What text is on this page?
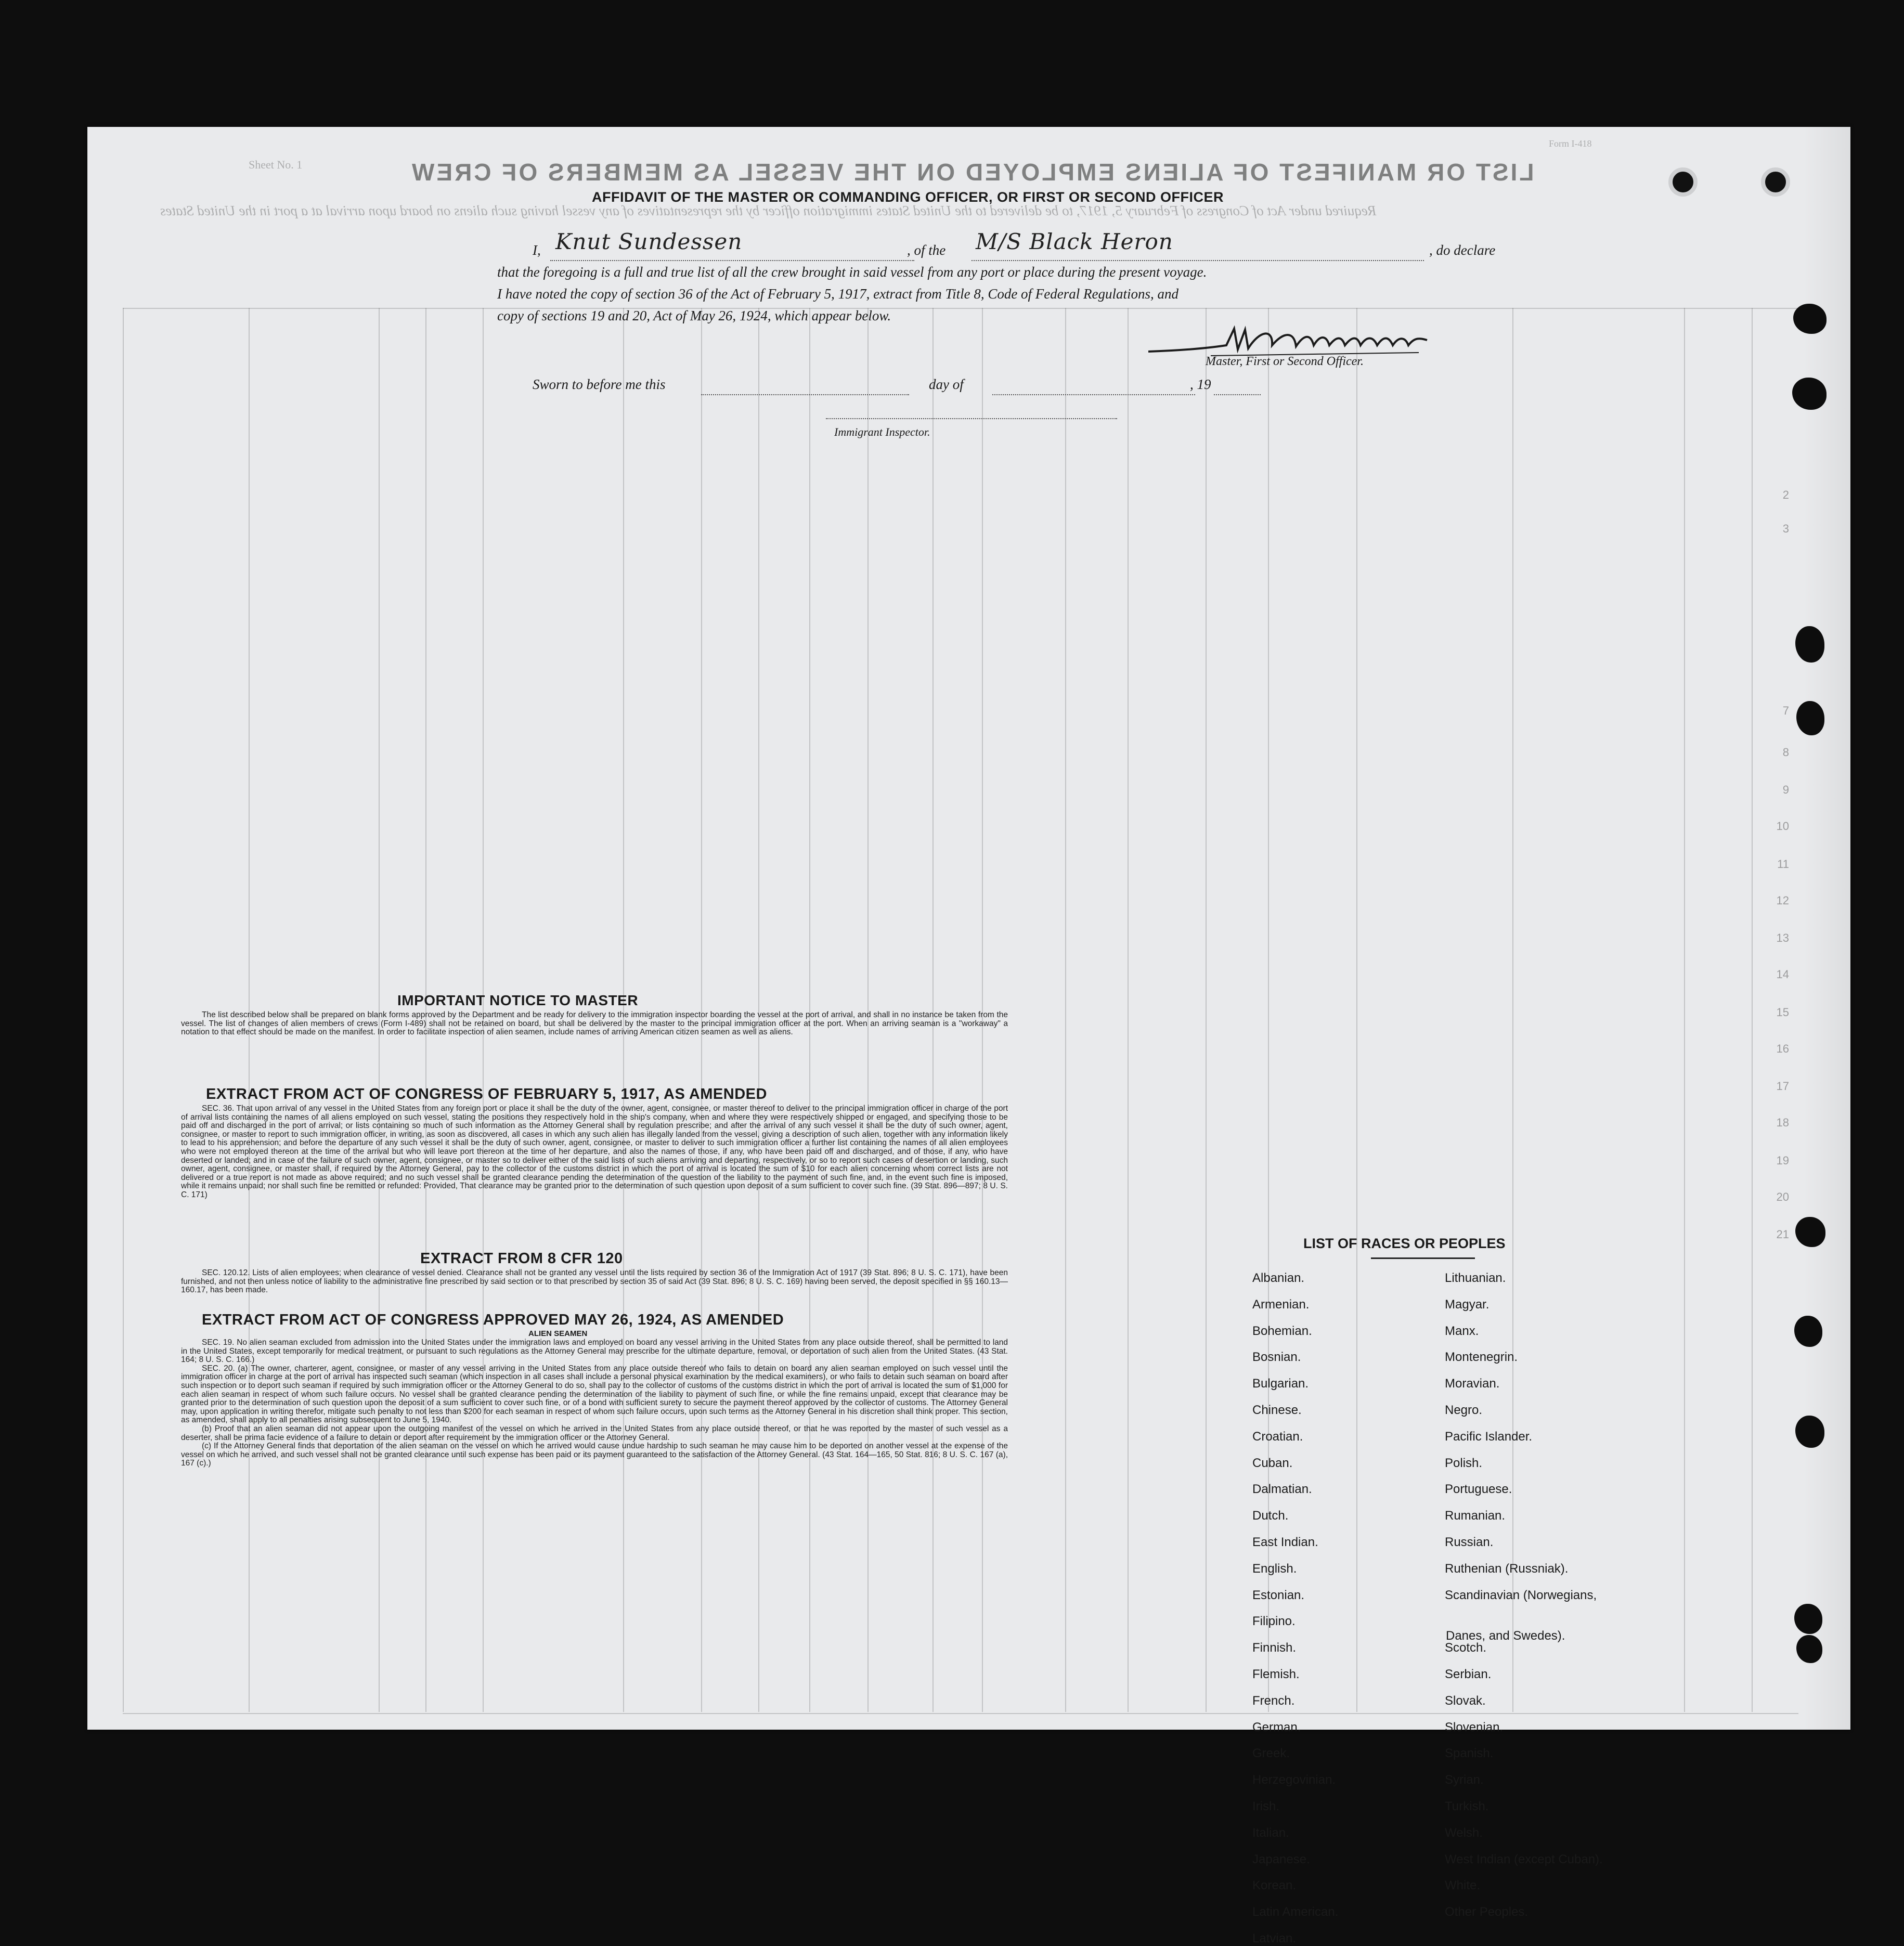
2
3
7
8
9
10
11
12
13
14
15
16
17
18
19
20
21
LIST OR MANIFEST OF ALIENS EMPLOYED ON THE VESSEL AS MEMBERS OF CREW
Required under Act of Congress of February 5, 1917, to be delivered to the United States immigration officer by the representatives of any vessel having such aliens on board upon arrival at a port in the United States
Sheet No. 1
Form I-418
AFFIDAVIT OF THE MASTER OR COMMANDING OFFICER, OR FIRST OR SECOND OFFICER
I, Knut Sundessen	, of the M/S Black Heron	, do declare
that the foregoing is a full and true list of all the crew brought in said vessel from any port or place during the present voyage.
I have noted the copy of section 36 of the Act of February 5, 1917, extract from Title 8, Code of Federal Regulations, and
copy of sections 19 and 20, Act of May 26, 1924, which appear below.
Master, First or Second Officer.
Sworn to before me this	day of	, 19
Immigrant Inspector.
IMPORTANT NOTICE TO MASTER

The list described below shall be prepared on blank forms approved by the Department and be ready for delivery to the immigration inspector boarding the vessel at the port of arrival, and shall in no instance be taken from the vessel. The list of changes of alien members of crews (Form I-489) shall not be retained on board, but shall be delivered by the master to the principal immigration officer at the port. When an arriving seaman is a "workaway" a notation to that effect should be made on the manifest. In order to facilitate inspection of alien seamen, include names of arriving American citizen seamen as well as aliens.

EXTRACT FROM ACT OF CONGRESS OF FEBRUARY 5, 1917, AS AMENDED

SEC. 36. That upon arrival of any vessel in the United States from any foreign port or place it shall be the duty of the owner, agent, consignee, or master thereof to deliver to the principal immigration officer in charge of the port of arrival lists containing the names of all aliens employed on such vessel, stating the positions they respectively hold in the ship's company, when and where they were respectively shipped or engaged, and specifying those to be paid off and discharged in the port of arrival; or lists containing so much of such information as the Attorney General shall by regulation prescribe; and after the arrival of any such vessel it shall be the duty of such owner, agent, consignee, or master to report to such immigration officer, in writing, as soon as discovered, all cases in which any such alien has illegally landed from the vessel, giving a description of such alien, together with any information likely to lead to his apprehension; and before the departure of any such vessel it shall be the duty of such owner, agent, consignee, or master to deliver to such immigration officer a further list containing the names of all alien employees who were not employed thereon at the time of the arrival but who will leave port thereon at the time of her departure, and also the names of those, if any, who have been paid off and discharged, and of those, if any, who have deserted or landed; and in case of the failure of such owner, agent, consignee, or master so to deliver either of the said lists of such aliens arriving and departing, respectively, or so to report such cases of desertion or landing, such owner, agent, consignee, or master shall, if required by the Attorney General, pay to the collector of the customs district in which the port of arrival is located the sum of $10 for each alien concerning whom correct lists are not delivered or a true report is not made as above required; and no such vessel shall be granted clearance pending the determination of the question of the liability to the payment of such fine, and, in the event such fine is imposed, while it remains unpaid; nor shall such fine be remitted or refunded: Provided, That clearance may be granted prior to the determination of such question upon deposit of a sum sufficient to cover such fine. (39 Stat. 896—897; 8 U. S. C. 171)

EXTRACT FROM 8 CFR 120

SEC. 120.12. Lists of alien employees; when clearance of vessel denied. Clearance shall not be granted any vessel until the lists required by section 36 of the Immigration Act of 1917 (39 Stat. 896; 8 U. S. C. 171), have been furnished, and not then unless notice of liability to the administrative fine prescribed by said section or to that prescribed by section 35 of said Act (39 Stat. 896; 8 U. S. C. 169) having been served, the deposit specified in §§ 160.13—160.17, has been made.

EXTRACT FROM ACT OF CONGRESS APPROVED MAY 26, 1924, AS AMENDED
ALIEN SEAMEN

SEC. 19. No alien seaman excluded from admission into the United States under the immigration laws and employed on board any vessel arriving in the United States from any place outside thereof, shall be permitted to land in the United States, except temporarily for medical treatment, or pursuant to such regulations as the Attorney General may prescribe for the ultimate departure, removal, or deportation of such alien from the United States. (43 Stat. 164; 8 U. S. C. 166.)

SEC. 20. (a) The owner, charterer, agent, consignee, or master of any vessel arriving in the United States from any place outside thereof who fails to detain on board any alien seaman employed on such vessel until the immigration officer in charge at the port of arrival has inspected such seaman (which inspection in all cases shall include a personal physical examination by the medical examiners), or who fails to detain such seaman on board after such inspection or to deport such seaman if required by such immigration officer or the Attorney General to do so, shall pay to the collector of customs of the customs district in which the port of arrival is located the sum of $1,000 for each alien seaman in respect of whom such failure occurs. No vessel shall be granted clearance pending the determination of the liability to payment of such fine, or while the fine remains unpaid, except that clearance may be granted prior to the determination of such question upon the deposit of a sum sufficient to cover such fine, or of a bond with sufficient surety to secure the payment thereof approved by the collector of customs. The Attorney General may, upon application in writing therefor, mitigate such penalty to not less than $200 for each seaman in respect of whom such failure occurs, upon such terms as the Attorney General in his discretion shall think proper. This section, as amended, shall apply to all penalties arising subsequent to June 5, 1940.

(b) Proof that an alien seaman did not appear upon the outgoing manifest of the vessel on which he arrived in the United States from any place outside thereof, or that he was reported by the master of such vessel as a deserter, shall be prima facie evidence of a failure to detain or deport after requirement by the immigration officer or the Attorney General.

(c) If the Attorney General finds that deportation of the alien seaman on the vessel on which he arrived would cause undue hardship to such seaman he may cause him to be deported on another vessel at the expense of the vessel on which he arrived, and such vessel shall not be granted clearance until such expense has been paid or its payment guaranteed to the satisfaction of the Attorney General. (43 Stat. 164—165, 50 Stat. 816; 8 U. S. C. 167 (a), 167 (c).)

LIST OF RACES OR PEOPLES
Albanian.
Armenian.
Bohemian.
Bosnian.
Bulgarian.
Chinese.
Croatian.
Cuban.
Dalmatian.
Dutch.
East Indian.
English.
Estonian.
Filipino.
Finnish.
Flemish.
French.
German.
Greek.
Herzegovinian.
Irish.
Italian.
Japanese.
Korean.
Latin American.
Latvian.
Lithuanian.
Magyar.
Manx.
Montenegrin.
Moravian.
Negro.
Pacific Islander.
Polish.
Portuguese.
Rumanian.
Russian.
Ruthenian (Russniak).
Scandinavian (Norwegians,
Danes, and Swedes).
Scotch.
Serbian.
Slovak.
Slovenian.
Spanish.
Syrian.
Turkish.
Welsh.
West Indian (except Cuban).
White.
Other Peoples.
